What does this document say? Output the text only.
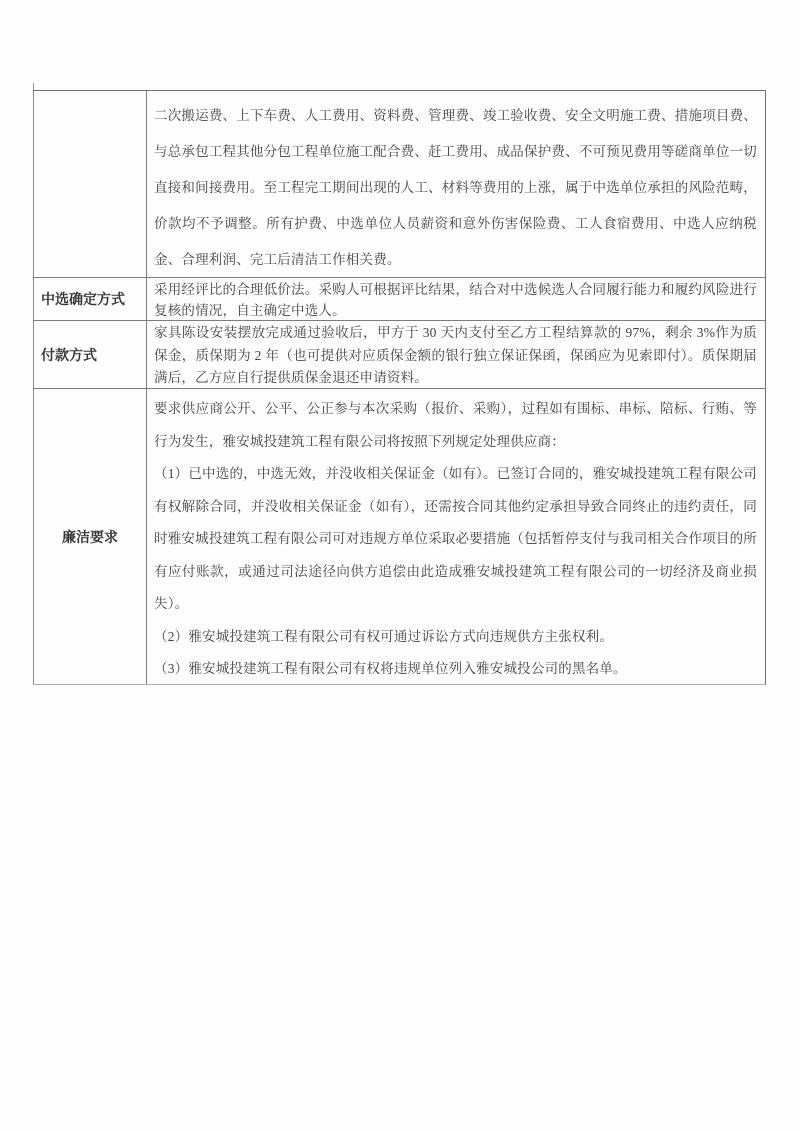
二次搬运费、上下车费、人工费用、资料费、管理费、竣工验收费、安全文明施工费、措施项目费、与总承包工程其他分包工程单位施工配合费、赶工费用、成品保护费、不可预见费用等磋商单位一切直接和间接费用。至工程完工期间出现的人工、材料等费用的上涨，属于中选单位承担的风险范畴，价款均不予调整。所有护费、中选单位人员薪资和意外伤害保险费、工人食宿费用、中选人应纳税金、合理利润、完工后清洁工作相关费。

中选确定方式

采用经评比的合理低价法。采购人可根据评比结果，结合对中选候选人合同履行能力和履约风险进行复核的情况，自主确定中选人。

付款方式

家具陈设安装摆放完成通过验收后，甲方于 30 天内支付至乙方工程结算款的 97%，剩余 3%作为质保金，质保期为 2 年（也可提供对应质保金额的银行独立保证保函，保函应为见索即付）。质保期届满后，乙方应自行提供质保金退还申请资料。

廉洁要求

要求供应商公开、公平、公正参与本次采购（报价、采购），过程如有围标、串标、陪标、行贿、等行为发生，雅安城投建筑工程有限公司将按照下列规定处理供应商：

（1）已中选的，中选无效，并没收相关保证金（如有）。已签订合同的，雅安城投建筑工程有限公司有权解除合同，并没收相关保证金（如有），还需按合同其他约定承担导致合同终止的违约责任，同时雅安城投建筑工程有限公司可对违规方单位采取必要措施（包括暂停支付与我司相关合作项目的所有应付账款，或通过司法途径向供方追偿由此造成雅安城投建筑工程有限公司的一切经济及商业损失）。

（2）雅安城投建筑工程有限公司有权可通过诉讼方式向违规供方主张权利。

（3）雅安城投建筑工程有限公司有权将违规单位列入雅安城投公司的黑名单。
